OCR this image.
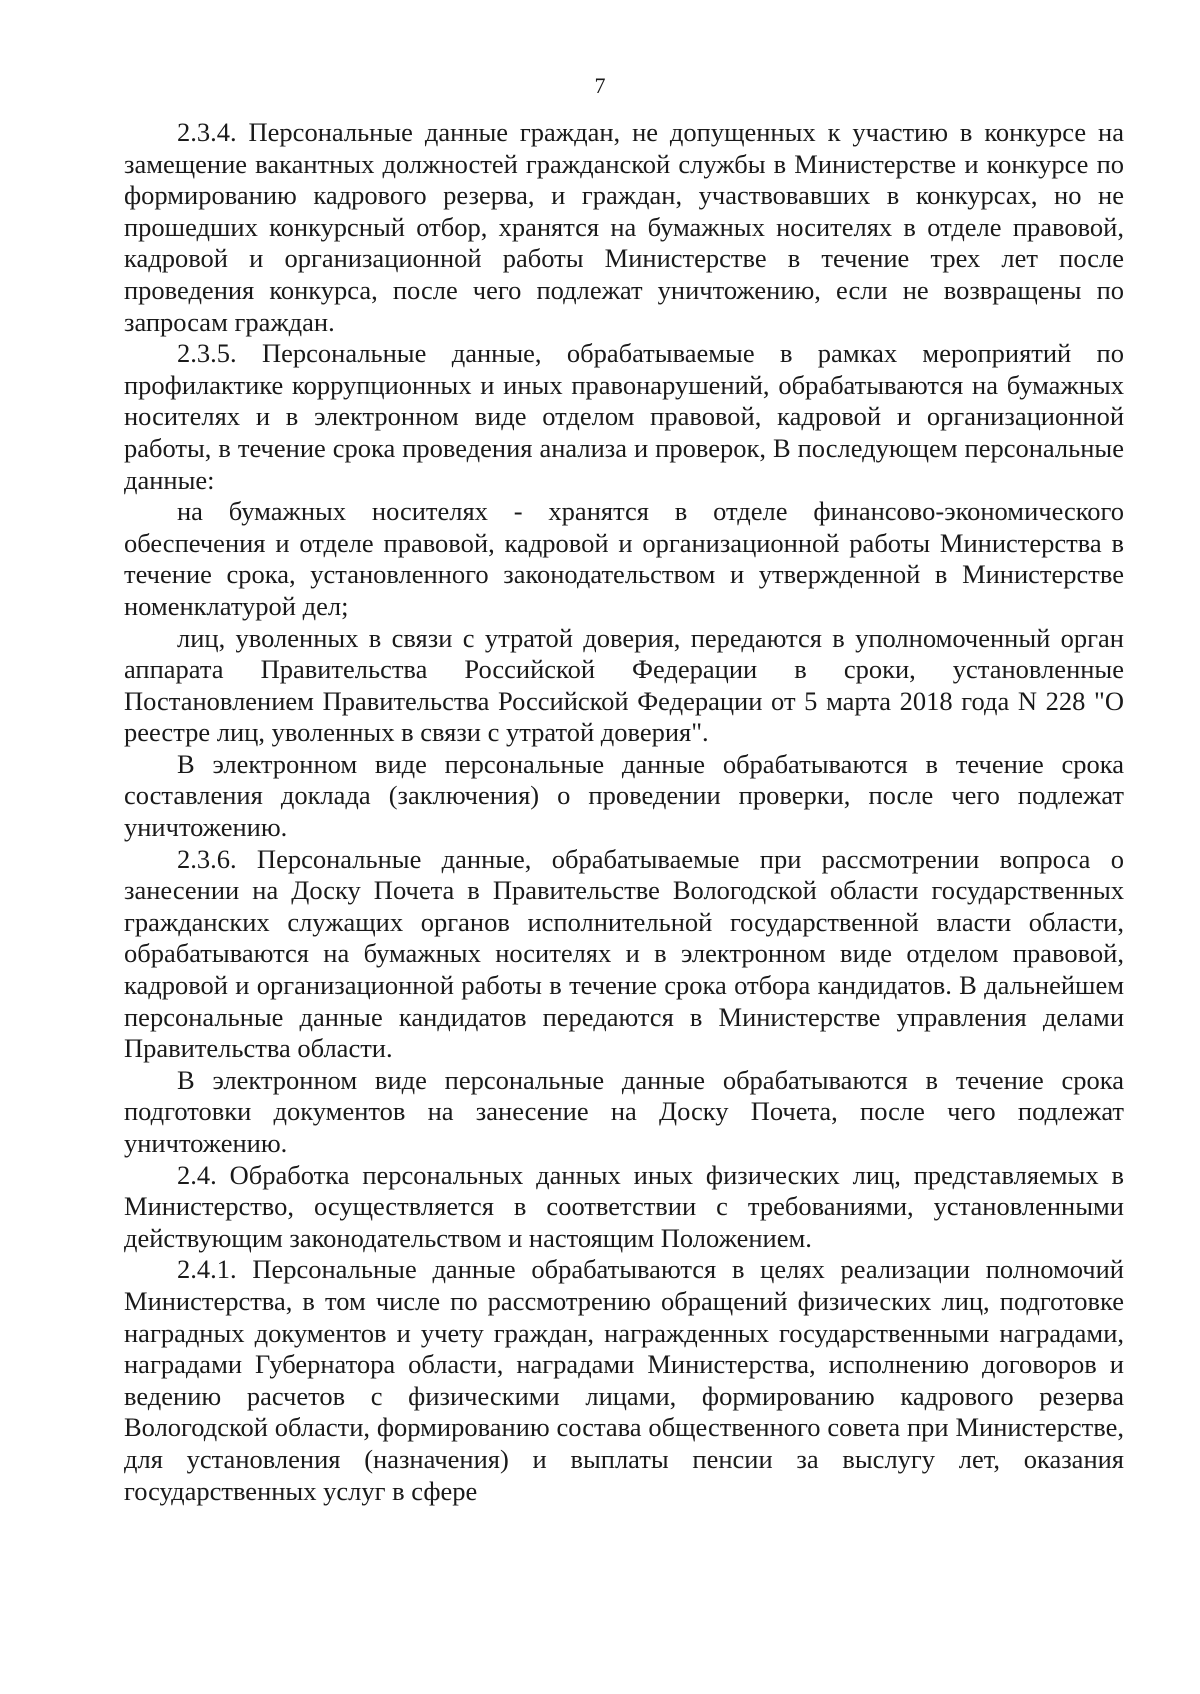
7

2.3.4. Персональные данные граждан, не допущенных к участию в конкурсе на замещение вакантных должностей гражданской службы в Министерстве и конкурсе по формированию кадрового резерва, и граждан, участвовавших в конкурсах, но не прошедших конкурсный отбор, хранятся на бумажных носителях в отделе правовой, кадровой и организационной работы Министерстве в течение трех лет после проведения конкурса, после чего подлежат уничтожению, если не возвращены по запросам граждан.

2.3.5. Персональные данные, обрабатываемые в рамках мероприятий по профилактике коррупционных и иных правонарушений, обрабатываются на бумажных носителях и в электронном виде отделом правовой, кадровой и организационной работы, в течение срока проведения анализа и проверок, В последующем персональные данные:

на бумажных носителях - хранятся в отделе финансово-экономического обеспечения и отделе правовой, кадровой и организационной работы Министерства в течение срока, установленного законодательством и утвержденной в Министерстве номенклатурой дел;

лиц, уволенных в связи с утратой доверия, передаются в уполномоченный орган аппарата Правительства Российской Федерации в сроки, установленные Постановлением Правительства Российской Федерации от 5 марта 2018 года N 228 "О реестре лиц, уволенных в связи с утратой доверия".

В электронном виде персональные данные обрабатываются в течение срока составления доклада (заключения) о проведении проверки, после чего подлежат уничтожению.

2.3.6. Персональные данные, обрабатываемые при рассмотрении вопроса о занесении на Доску Почета в Правительстве Вологодской области государственных гражданских служащих органов исполнительной государственной власти области, обрабатываются на бумажных носителях и в электронном виде отделом правовой, кадровой и организационной работы в течение срока отбора кандидатов. В дальнейшем персональные данные кандидатов передаются в Министерстве управления делами Правительства области.

В электронном виде персональные данные обрабатываются в течение срока подготовки документов на занесение на Доску Почета, после чего подлежат уничтожению.

2.4. Обработка персональных данных иных физических лиц, представляемых в Министерство, осуществляется в соответствии с требованиями, установленными действующим законодательством и настоящим Положением.

2.4.1. Персональные данные обрабатываются в целях реализации полномочий Министерства, в том числе по рассмотрению обращений физических лиц, подготовке наградных документов и учету граждан, награжденных государственными наградами, наградами Губернатора области, наградами Министерства, исполнению договоров и ведению расчетов с физическими лицами, формированию кадрового резерва Вологодской области, формированию состава общественного совета при Министерстве, для установления (назначения) и выплаты пенсии за выслугу лет, оказания государственных услуг в сфере
